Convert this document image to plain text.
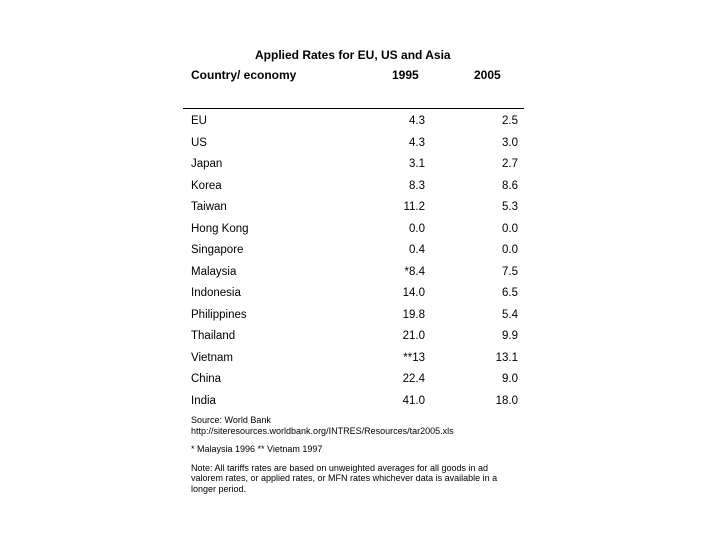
Applied Rates for EU, US and Asia
Country/ economy	1995	2005
EU	4.3	2.5
US	4.3	3.0
Japan	3.1	2.7
Korea	8.3	8.6
Taiwan	11.2	5.3
Hong Kong	0.0	0.0
Singapore	0.4	0.0
Malaysia	*8.4	7.5
Indonesia	14.0	6.5
Philippines	19.8	5.4
Thailand	21.0	9.9
Vietnam	**13	13.1
China	22.4	9.0
India	41.0	18.0

Source: World Bank
http://siteresources.worldbank.org/INTRES/Resources/tar2005.xls

* Malaysia 1996 ** Vietnam 1997

Note: All tariffs rates are based on unweighted averages for all goods in ad valorem rates, or applied rates, or MFN rates whichever data is available in a longer period.
